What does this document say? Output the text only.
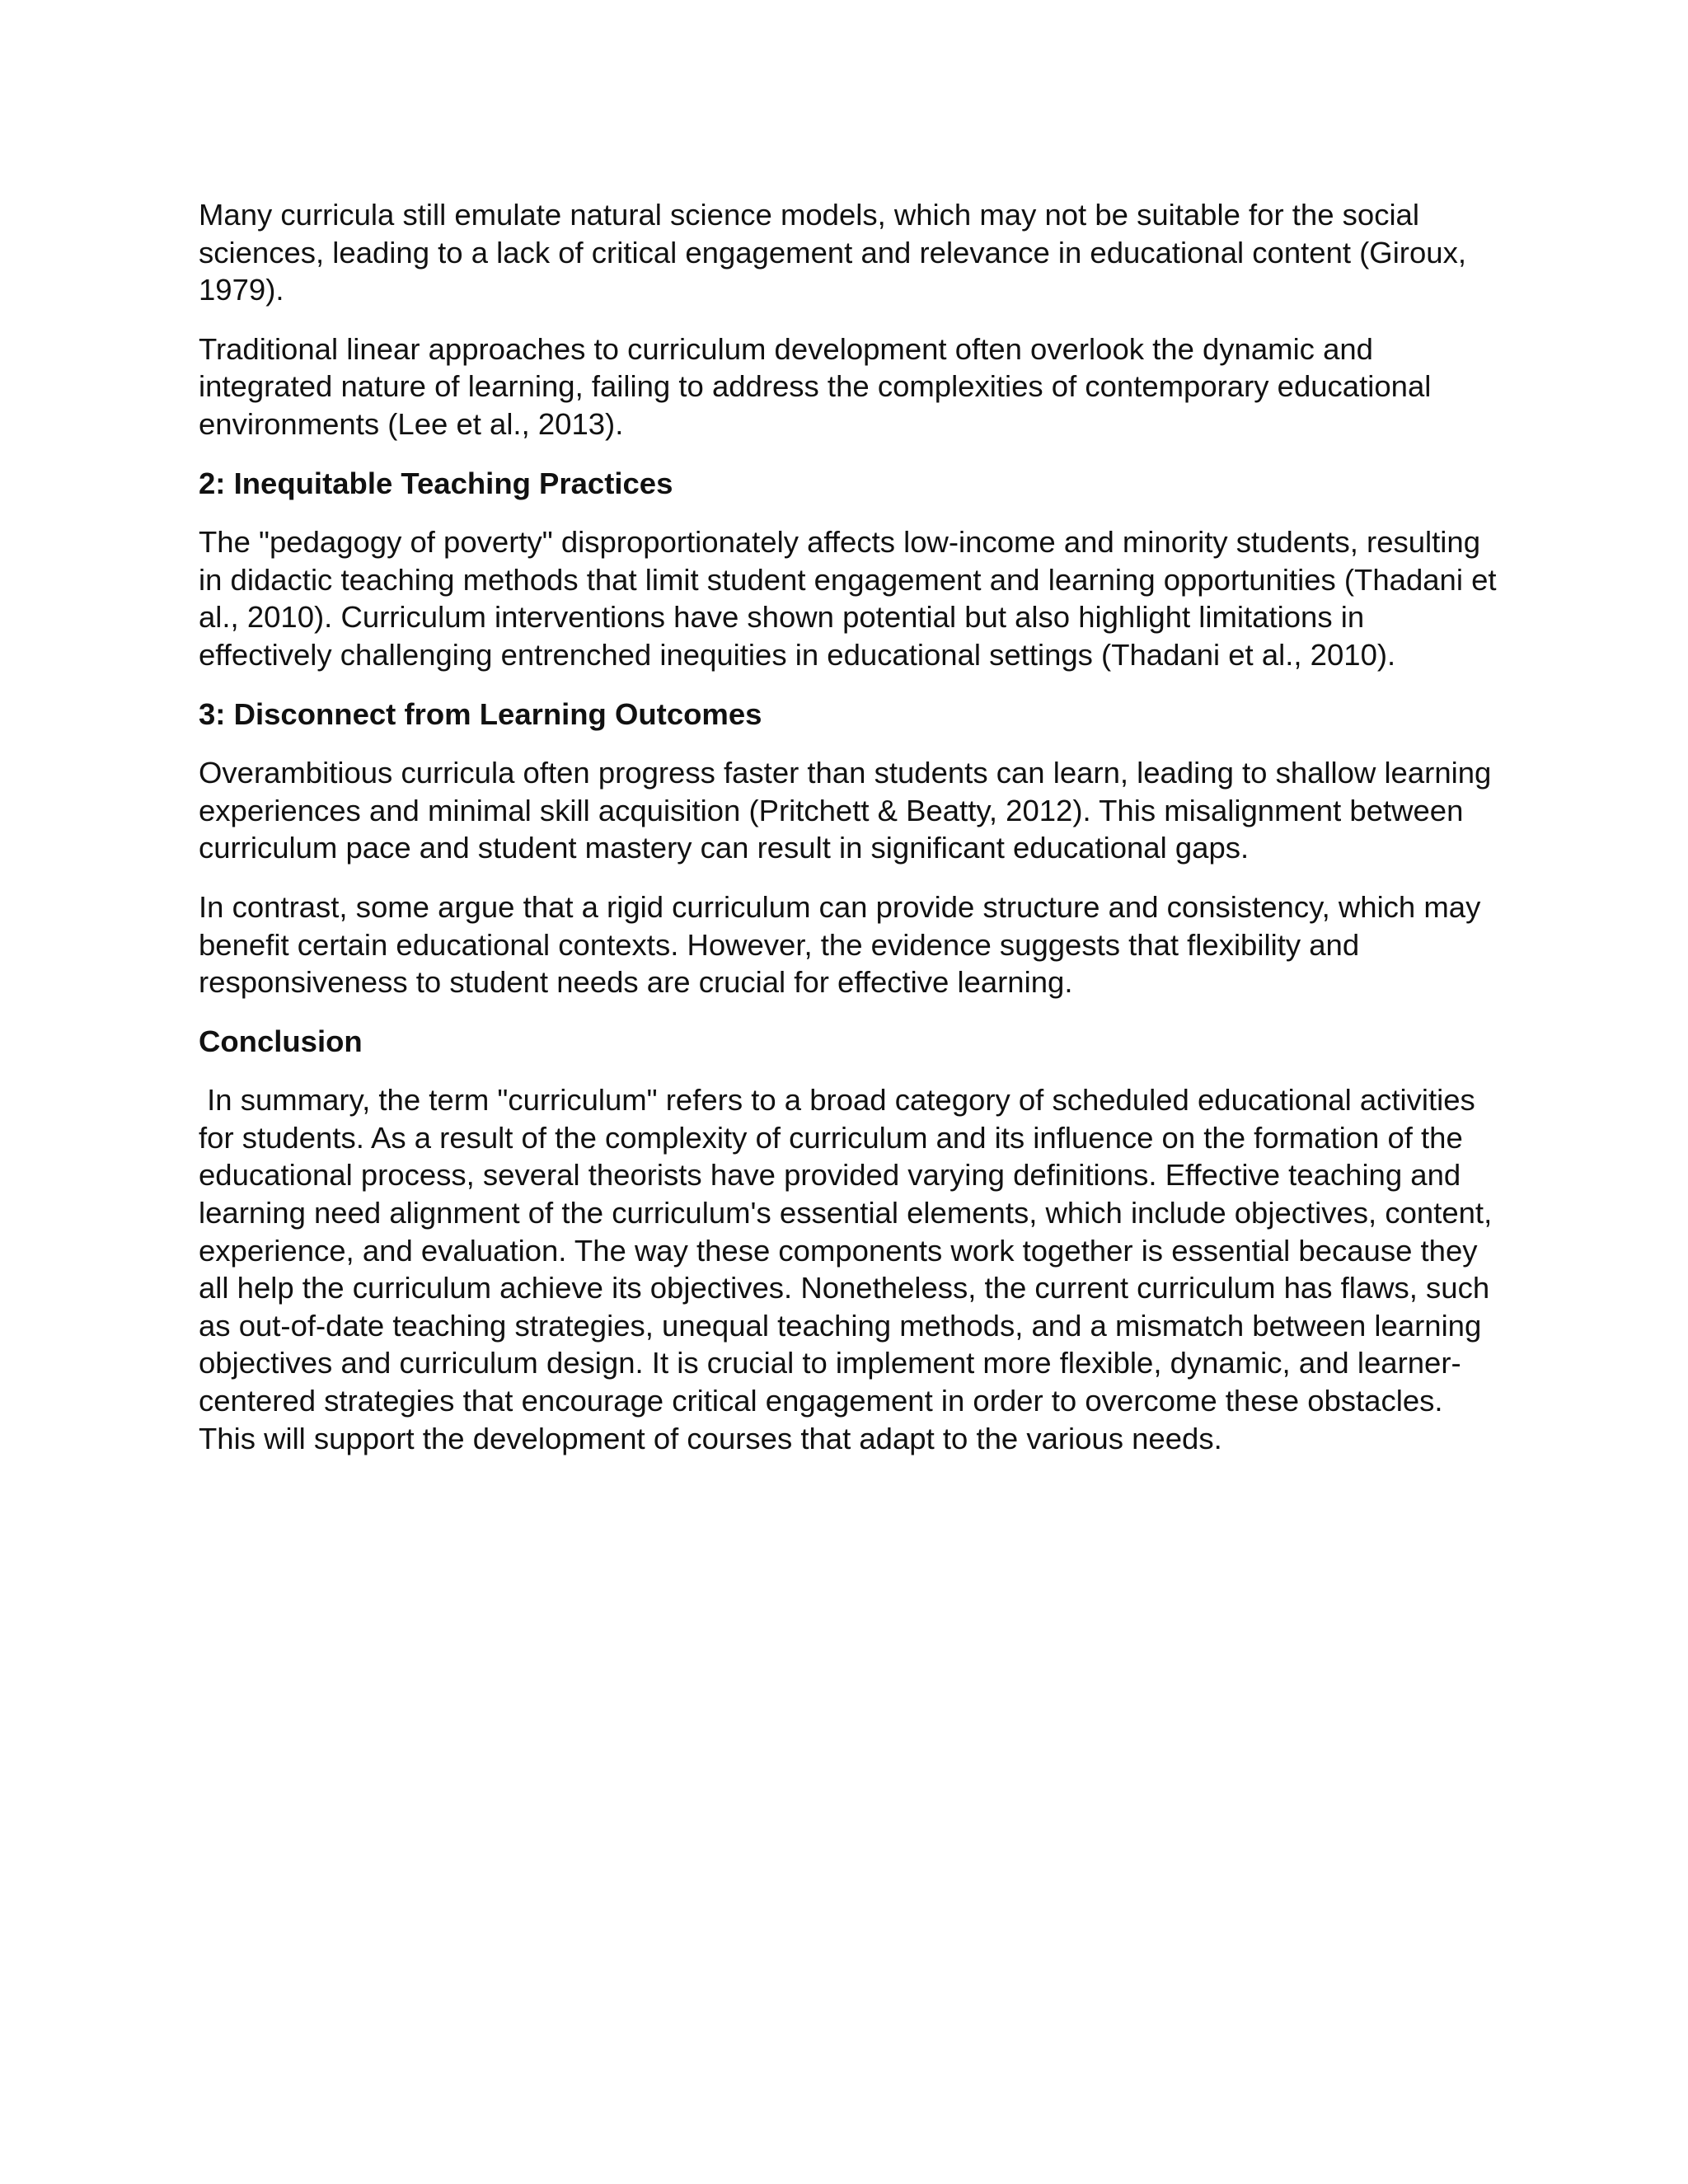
Many curricula still emulate natural science models, which may not be suitable for the social sciences, leading to a lack of critical engagement and relevance in educational content (Giroux, 1979).

Traditional linear approaches to curriculum development often overlook the dynamic and integrated nature of learning, failing to address the complexities of contemporary educational environments (Lee et al., 2013).

2: Inequitable Teaching Practices

The "pedagogy of poverty" disproportionately affects low-income and minority students, resulting in didactic teaching methods that limit student engagement and learning opportunities (Thadani et al., 2010). Curriculum interventions have shown potential but also highlight limitations in effectively challenging entrenched inequities in educational settings (Thadani et al., 2010).

3: Disconnect from Learning Outcomes

Overambitious curricula often progress faster than students can learn, leading to shallow learning experiences and minimal skill acquisition (Pritchett & Beatty, 2012). This misalignment between curriculum pace and student mastery can result in significant educational gaps.

In contrast, some argue that a rigid curriculum can provide structure and consistency, which may benefit certain educational contexts. However, the evidence suggests that flexibility and responsiveness to student needs are crucial for effective learning.

Conclusion

In summary, the term "curriculum" refers to a broad category of scheduled educational activities for students. As a result of the complexity of curriculum and its influence on the formation of the educational process, several theorists have provided varying definitions. Effective teaching and learning need alignment of the curriculum's essential elements, which include objectives, content, experience, and evaluation. The way these components work together is essential because they all help the curriculum achieve its objectives. Nonetheless, the current curriculum has flaws, such as out-of-date teaching strategies, unequal teaching methods, and a mismatch between learning objectives and curriculum design. It is crucial to implement more flexible, dynamic, and learner-centered strategies that encourage critical engagement in order to overcome these obstacles. This will support the development of courses that adapt to the various needs.
